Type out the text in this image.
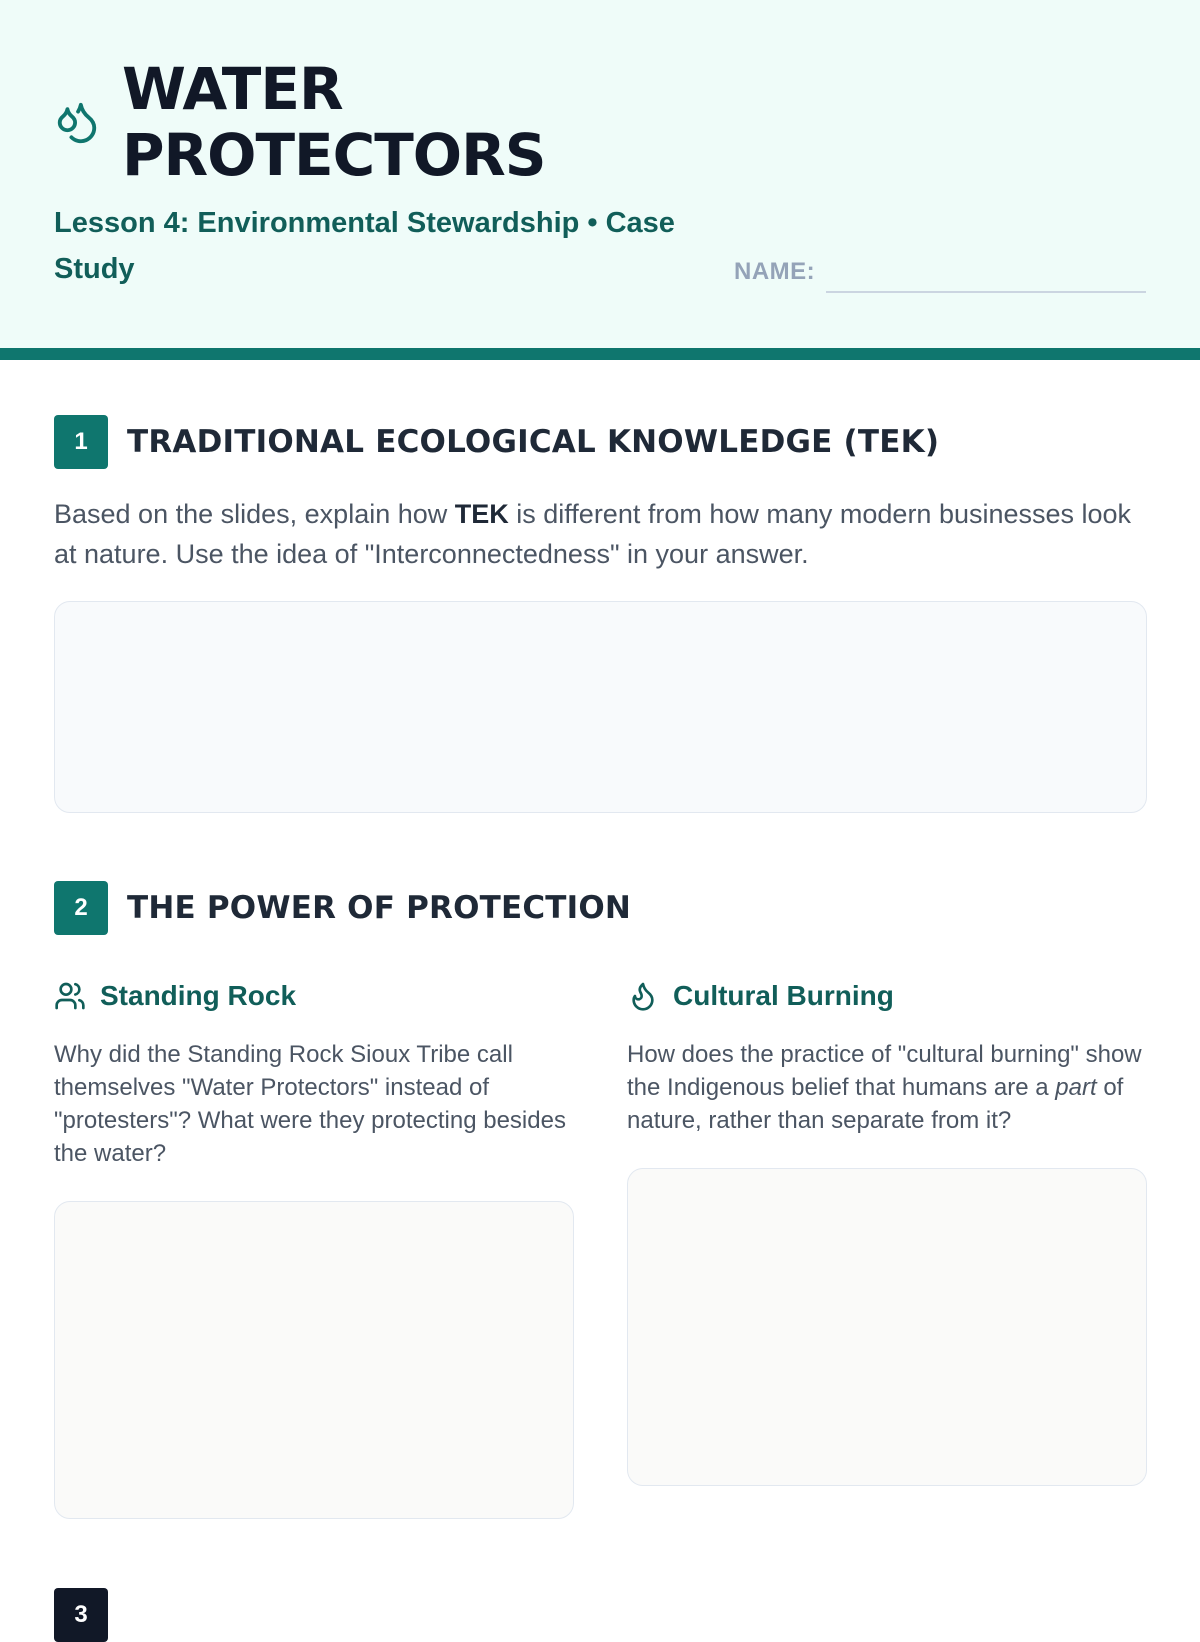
WATER
PROTECTORS
Lesson 4: Environmental Stewardship • Case Study	NAME:
1	TRADITIONAL ECOLOGICAL KNOWLEDGE (TEK)

Based on the slides, explain how TEK is different from how many modern businesses look at nature. Use the idea of "Interconnectedness" in your answer.

2	THE POWER OF PROTECTION
Standing Rock

Why did the Standing Rock Sioux Tribe call themselves "Water Protectors" instead of "protesters"? What were they protecting besides the water?

Cultural Burning

How does the practice of "cultural burning" show the Indigenous belief that humans are a part of nature, rather than separate from it?

3
